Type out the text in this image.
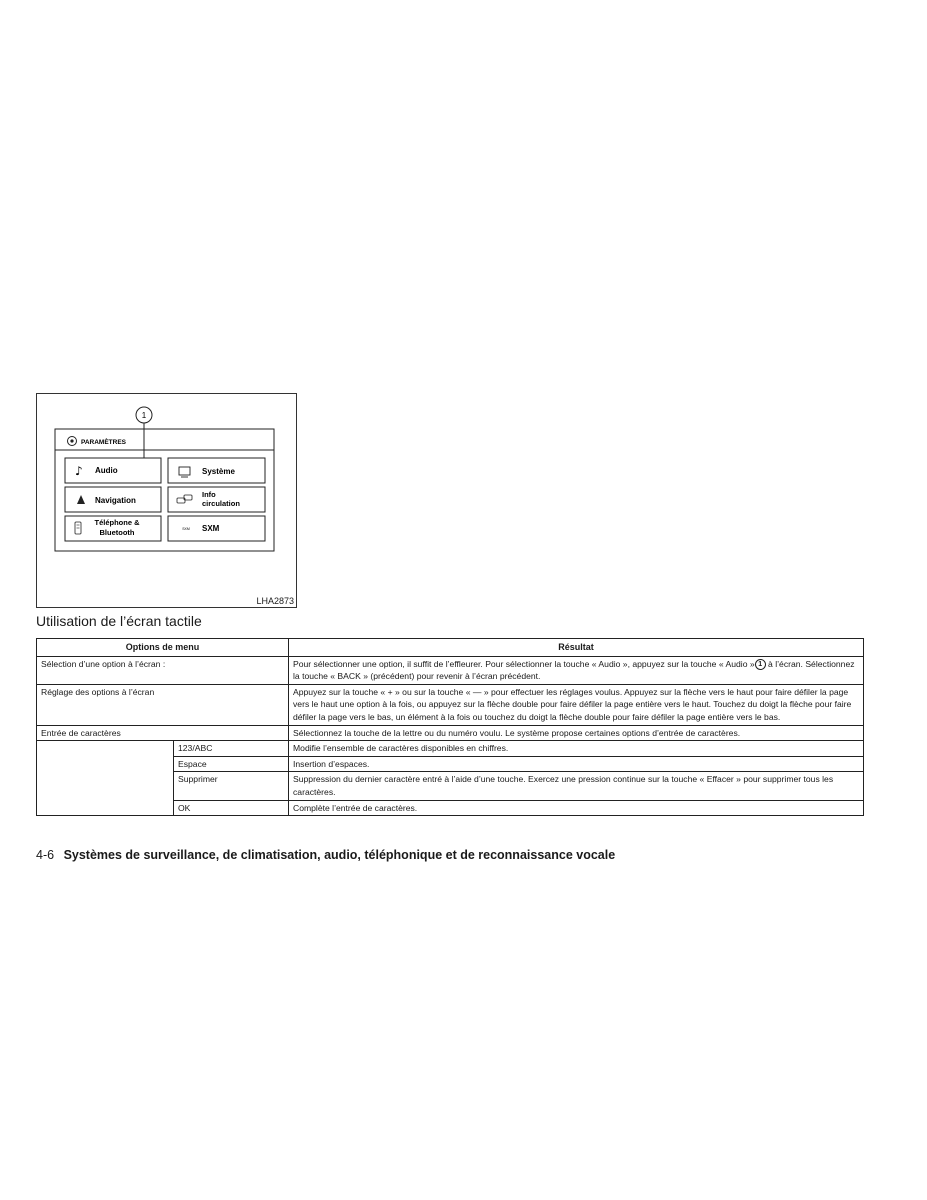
PARAMÈTRES
1
♪ Audio	Système
Navigation
Info
circulation
Téléphone &
Bluetooth	SXM SXM
LHA2873
Utilisation de l’écran tactile
Options de menu		Résultat
Sélection d’une option à l’écran :		Pour sélectionner une option, il suffit de l’effleurer. Pour sélectionner la touche « Audio », appuyez sur la touche « Audio » 1 à l’écran. Sélectionnez la touche « BACK » (précédent) pour revenir à l’écran précédent.
Réglage des options à l’écran		Appuyez sur la touche « + » ou sur la touche « — » pour effectuer les réglages voulus. Appuyez sur la flèche vers le haut pour faire défiler la page vers le haut une option à la fois, ou appuyez sur la flèche double pour faire défiler la page entière vers le haut. Touchez du doigt la flèche pour faire défiler la page vers le bas, un élément à la fois ou touchez du doigt la flèche double pour faire défiler la page entière vers le bas.
Entrée de caractères		Sélectionnez la touche de la lettre ou du numéro voulu. Le système propose certaines options d’entrée de caractères.
	123/ABC	Modifie l’ensemble de caractères disponibles en chiffres.
	Espace	Insertion d’espaces.
	Supprimer	Suppression du dernier caractère entré à l’aide d’une touche. Exercez une pression continue sur la touche « Effacer » pour supprimer tous les caractères.
	OK	Complète l’entrée de caractères.
4-6 Systèmes de surveillance, de climatisation, audio, téléphonique et de reconnaissance vocale
